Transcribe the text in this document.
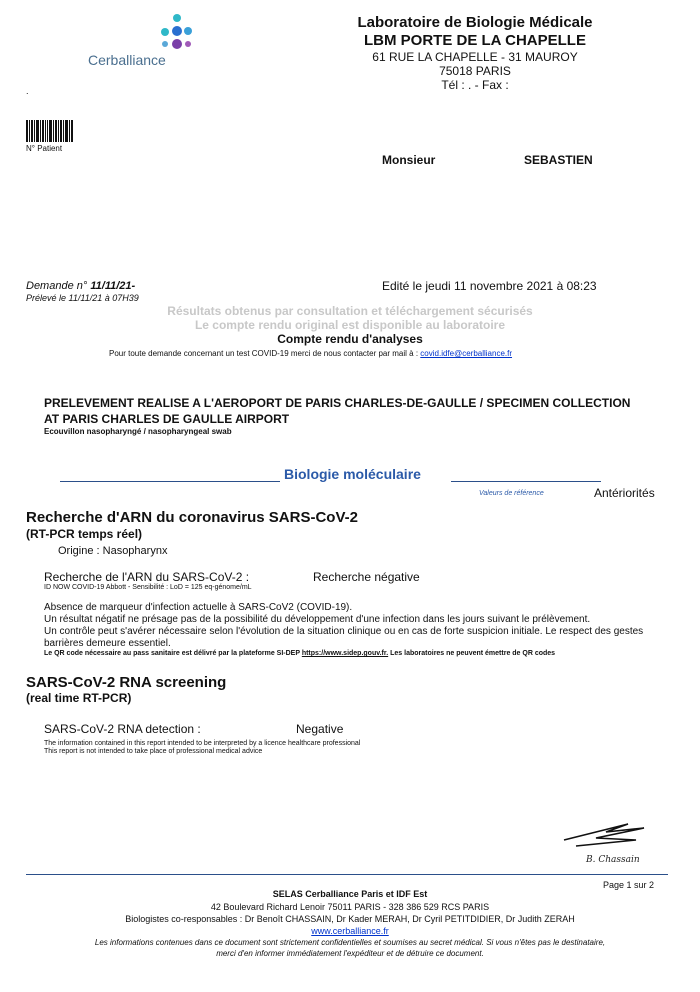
Cerballiance
Laboratoire de Biologie Médicale
LBM PORTE DE LA CHAPELLE
61 RUE LA CHAPELLE - 31 MAUROY
75018 PARIS
Tél : . - Fax :
.
N° Patient
Monsieur	SEBASTIEN
Demande n° 11/11/21-
Prélevé le 11/11/21 à 07H39
Edité le jeudi 11 novembre 2021 à 08:23
Résultats obtenus par consultation et téléchargement sécurisés
Le compte rendu original est disponible au laboratoire
Compte rendu d'analyses
Pour toute demande concernant un test COVID-19 merci de nous contacter par mail à : covid.idfe@cerballiance.fr
PRELEVEMENT REALISE A L'AEROPORT DE PARIS CHARLES-DE-GAULLE / SPECIMEN COLLECTION AT PARIS CHARLES DE GAULLE AIRPORT
Ecouvillon nasopharyngé / nasopharyngeal swab
Biologie moléculaire
Valeurs de référence	Antériorités
Recherche d'ARN du coronavirus SARS-CoV-2
(RT-PCR temps réel)
Origine : Nasopharynx
Recherche de l'ARN du SARS-CoV-2 :	Recherche négative
ID NOW COVID-19 Abbott - Sensibilité : LoD = 125 eq-génome/mL
Absence de marqueur d'infection actuelle à SARS-CoV2 (COVID-19).
Un résultat négatif ne présage pas de la possibilité du développement d'une infection dans les jours suivant le prélèvement.
Un contrôle peut s'avérer nécessaire selon l'évolution de la situation clinique ou en cas de forte suspicion initiale. Le respect des gestes barrières demeure essentiel.
Le QR code nécessaire au pass sanitaire est délivré par la plateforme SI-DEP https://www.sidep.gouv.fr. Les laboratoires ne peuvent émettre de QR codes
SARS-CoV-2 RNA screening
(real time RT-PCR)
SARS-CoV-2 RNA detection :	Negative
The information contained in this report intended to be interpreted by a licence healthcare professional
This report is not intended to take place of professional medical advice
B. Chassain
Page 1 sur 2
SELAS Cerballiance Paris et IDF Est
42 Boulevard Richard Lenoir 75011 PARIS - 328 386 529 RCS PARIS
Biologistes co-responsables : Dr Benoît CHASSAIN, Dr Kader MERAH, Dr Cyril PETITDIDIER, Dr Judith ZERAH
www.cerballiance.fr
Les informations contenues dans ce document sont strictement confidentielles et soumises au secret médical. Si vous n'êtes pas le destinataire,
merci d'en informer immédiatement l'expéditeur et de détruire ce document.
